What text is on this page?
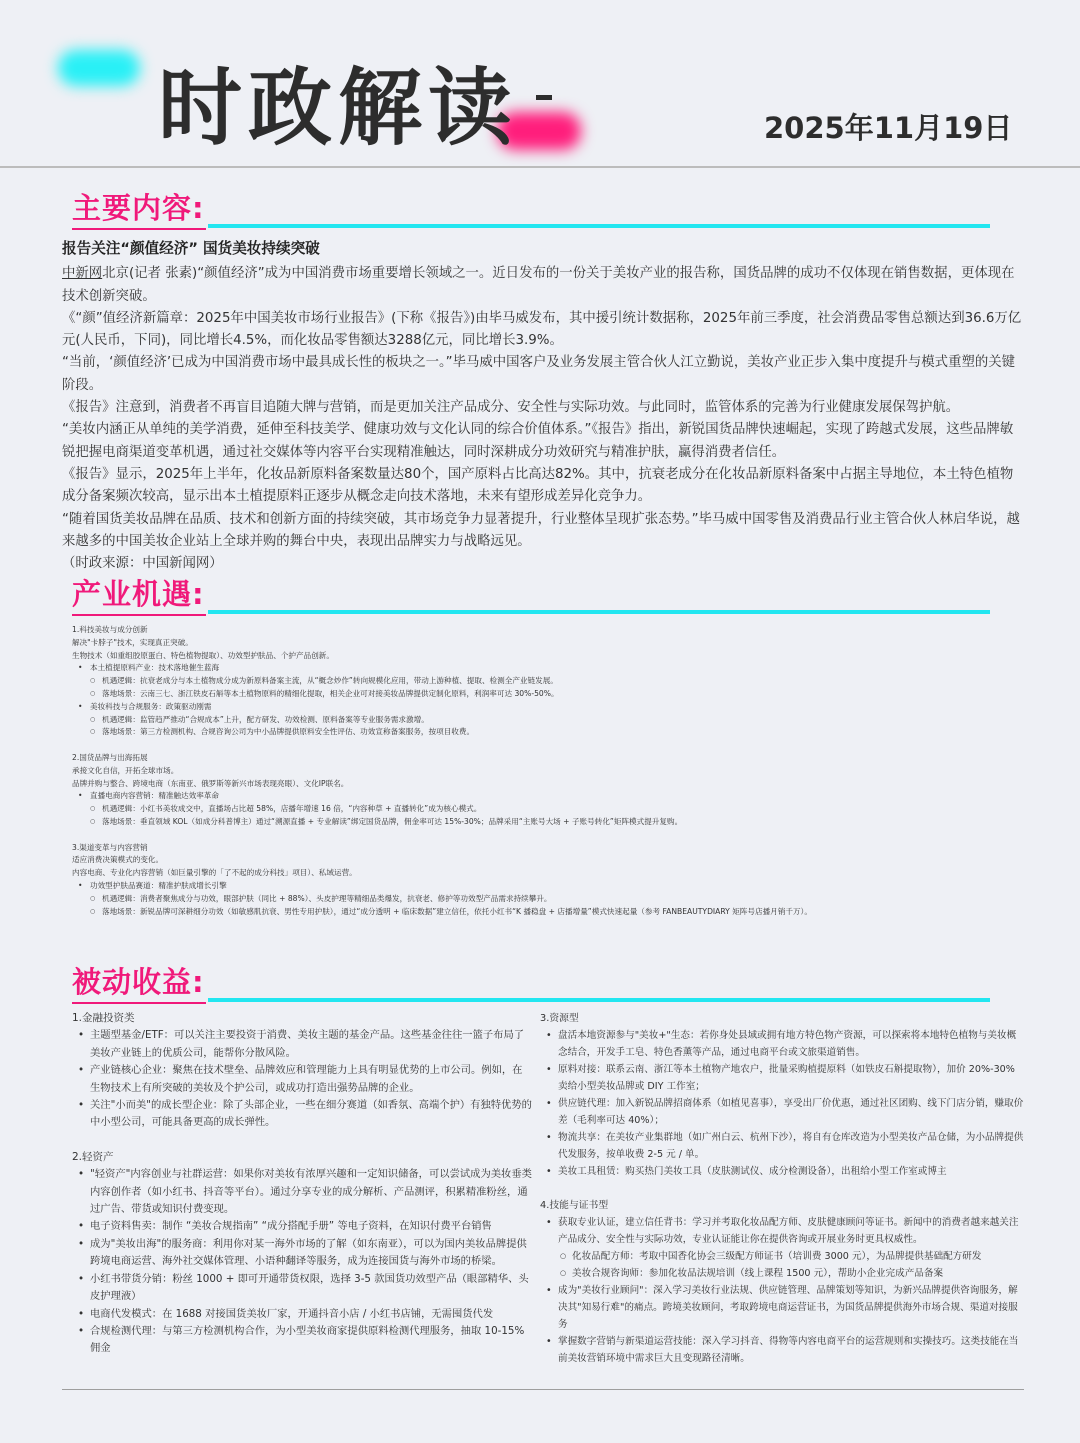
时政解读	2025年11月19日
主要内容:

报告关注“颜值经济” 国货美妆持续突破

中新网北京(记者 张素)“颜值经济”成为中国消费市场重要增长领域之一。近日发布的一份关于美妆产业的报告称，国货品牌的成功不仅体现在销售数据，更体现在技术创新突破。

《“颜”值经济新篇章：2025年中国美妆市场行业报告》(下称《报告》)由毕马威发布，其中援引统计数据称，2025年前三季度，社会消费品零售总额达到36.6万亿元(人民币，下同)，同比增长4.5%，而化妆品零售额达3288亿元，同比增长3.9%。

“当前，‘颜值经济’已成为中国消费市场中最具成长性的板块之一。”毕马威中国客户及业务发展主管合伙人江立勤说，美妆产业正步入集中度提升与模式重塑的关键阶段。

《报告》注意到，消费者不再盲目追随大牌与营销，而是更加关注产品成分、安全性与实际功效。与此同时，监管体系的完善为行业健康发展保驾护航。

“美妆内涵正从单纯的美学消费，延伸至科技美学、健康功效与文化认同的综合价值体系。”《报告》指出，新锐国货品牌快速崛起，实现了跨越式发展，这些品牌敏锐把握电商渠道变革机遇，通过社交媒体等内容平台实现精准触达，同时深耕成分功效研究与精准护肤，赢得消费者信任。

《报告》显示，2025年上半年，化妆品新原料备案数量达80个，国产原料占比高达82%。其中，抗衰老成分在化妆品新原料备案中占据主导地位，本土特色植物成分备案频次较高，显示出本土植提原料正逐步从概念走向技术落地，未来有望形成差异化竞争力。

“随着国货美妆品牌在品质、技术和创新方面的持续突破，其市场竞争力显著提升，行业整体呈现扩张态势。”毕马威中国零售及消费品行业主管合伙人林启华说，越来越多的中国美妆企业站上全球并购的舞台中央，表现出品牌实力与战略远见。

（时政来源：中国新闻网）

产业机遇:
1.科技美妆与成分创新
解决"卡脖子"技术，实现真正突破。
生物技术（如重组胶原蛋白、特色植物提取）、功效型护肤品、个护产品创新。
• 本土植提原料产业：技术落地催生蓝海
○ 机遇逻辑：抗衰老成分与本土植物成分成为新原料备案主流，从“概念炒作”转向规模化应用，带动上游种植、提取、检测全产业链发展。
○ 落地场景：云南三七、浙江铁皮石斛等本土植物原料的精细化提取，相关企业可对接美妆品牌提供定制化原料，利润率可达 30%-50%。
• 美妆科技与合规服务：政策驱动刚需
○ 机遇逻辑：监管趋严推动“合规成本”上升，配方研发、功效检测、原料备案等专业服务需求激增。
○ 落地场景：第三方检测机构、合规咨询公司为中小品牌提供原料安全性评估、功效宣称备案服务，按项目收费。
2.国货品牌与出海拓展
承接文化自信，开拓全球市场。
品牌并购与整合、跨境电商（东南亚、俄罗斯等新兴市场表现亮眼）、文化IP联名。
• 直播电商内容营销：精准触达效率革命
○ 机遇逻辑：小红书美妆成交中，直播场占比超 58%，店播年增速 16 倍，“内容种草 + 直播转化”成为核心模式。
○ 落地场景：垂直领域 KOL（如成分科普博主）通过“溯源直播 + 专业解读”绑定国货品牌，佣金率可达 15%-30%；品牌采用“主账号大场 + 子账号转化”矩阵模式提升复购。
3.渠道变革与内容营销
适应消费决策模式的变化。
内容电商、专业化内容营销（如巨量引擎的「了不起的成分科技」项目）、私域运营。
• 功效型护肤品赛道：精准护肤成增长引擎
○ 机遇逻辑：消费者聚焦成分与功效，眼部护肤（同比 + 88%）、头皮护理等精细品类爆发，抗衰老、修护等功效型产品需求持续攀升。
○ 落地场景：新锐品牌可深耕细分功效（如敏感肌抗衰、男性专用护肤），通过“成分透明 + 临床数据”建立信任，依托小红书“K 播稳盘 + 店播增量”模式快速起量（参考 FANBEAUTYDIARY 矩阵号店播月销千万）。
被动收益:
1.金融投资类
• 主题型基金/ETF：可以关注主要投资于消费、美妆主题的基金产品。这些基金往往一篮子布局了美妆产业链上的优质公司，能帮你分散风险。
• 产业链核心企业：聚焦在技术壁垒、品牌效应和管理能力上具有明显优势的上市公司。例如，在生物技术上有所突破的美妆及个护公司，或成功打造出强势品牌的企业。
• 关注"小而美"的成长型企业：除了头部企业，一些在细分赛道（如香氛、高端个护）有独特优势的中小型公司，可能具备更高的成长弹性。
2.轻资产
• "轻资产"内容创业与社群运营：如果你对美妆有浓厚兴趣和一定知识储备，可以尝试成为美妆垂类内容创作者（如小红书、抖音等平台）。通过分享专业的成分解析、产品测评，积累精准粉丝，通过广告、带货或知识付费变现。
• 电子资料售卖：制作 “美妆合规指南” “成分搭配手册” 等电子资料，在知识付费平台销售
• 成为"美妆出海"的服务商：利用你对某一海外市场的了解（如东南亚），可以为国内美妆品牌提供跨境电商运营、海外社交媒体管理、小语种翻译等服务，成为连接国货与海外市场的桥梁。
• 小红书带货分销：粉丝 1000 + 即可开通带货权限，选择 3-5 款国货功效型产品（眼部精华、头皮护理液）
• 电商代发模式：在 1688 对接国货美妆厂家，开通抖音小店 / 小红书店铺，无需囤货代发
• 合规检测代理：与第三方检测机构合作，为小型美妆商家提供原料检测代理服务，抽取 10-15% 佣金
3.资源型
• 盘活本地资源参与"美妆+"生态：若你身处县域或拥有地方特色物产资源，可以探索将本地特色植物与美妆概念结合，开发手工皂、特色香薰等产品，通过电商平台或文旅渠道销售。
• 原料对接：联系云南、浙江等本土植物产地农户，批量采购植提原料（如铁皮石斛提取物），加价 20%-30% 卖给小型美妆品牌或 DIY 工作室；
• 供应链代理：加入新锐品牌招商体系（如植见喜事），享受出厂价优惠，通过社区团购、线下门店分销，赚取价差（毛利率可达 40%）；
• 物流共享：在美妆产业集群地（如广州白云、杭州下沙），将自有仓库改造为小型美妆产品仓储，为小品牌提供代发服务，按单收费 2-5 元 / 单。
• 美妆工具租赁：购买热门美妆工具（皮肤测试仪、成分检测设备），出租给小型工作室或博主
4.技能与证书型
• 获取专业认证，建立信任背书：学习并考取化妆品配方师、皮肤健康顾问等证书。新闻中的消费者越来越关注产品成分、安全性与实际功效，专业认证能让你在提供咨询或开展业务时更具权威性。
○ 化妆品配方师：考取中国香化协会三级配方师证书（培训费 3000 元），为品牌提供基础配方研发
○ 美妆合规咨询师：参加化妆品法规培训（线上课程 1500 元），帮助小企业完成产品备案
• 成为"美妆行业顾问"：深入学习美妆行业法规、供应链管理、品牌策划等知识，为新兴品牌提供咨询服务，解决其"知易行难"的痛点。跨境美妆顾问，考取跨境电商运营证书，为国货品牌提供海外市场合规、渠道对接服务
• 掌握数字营销与新渠道运营技能：深入学习抖音、得物等内容电商平台的运营规则和实操技巧。这类技能在当前美妆营销环境中需求巨大且变现路径清晰。
